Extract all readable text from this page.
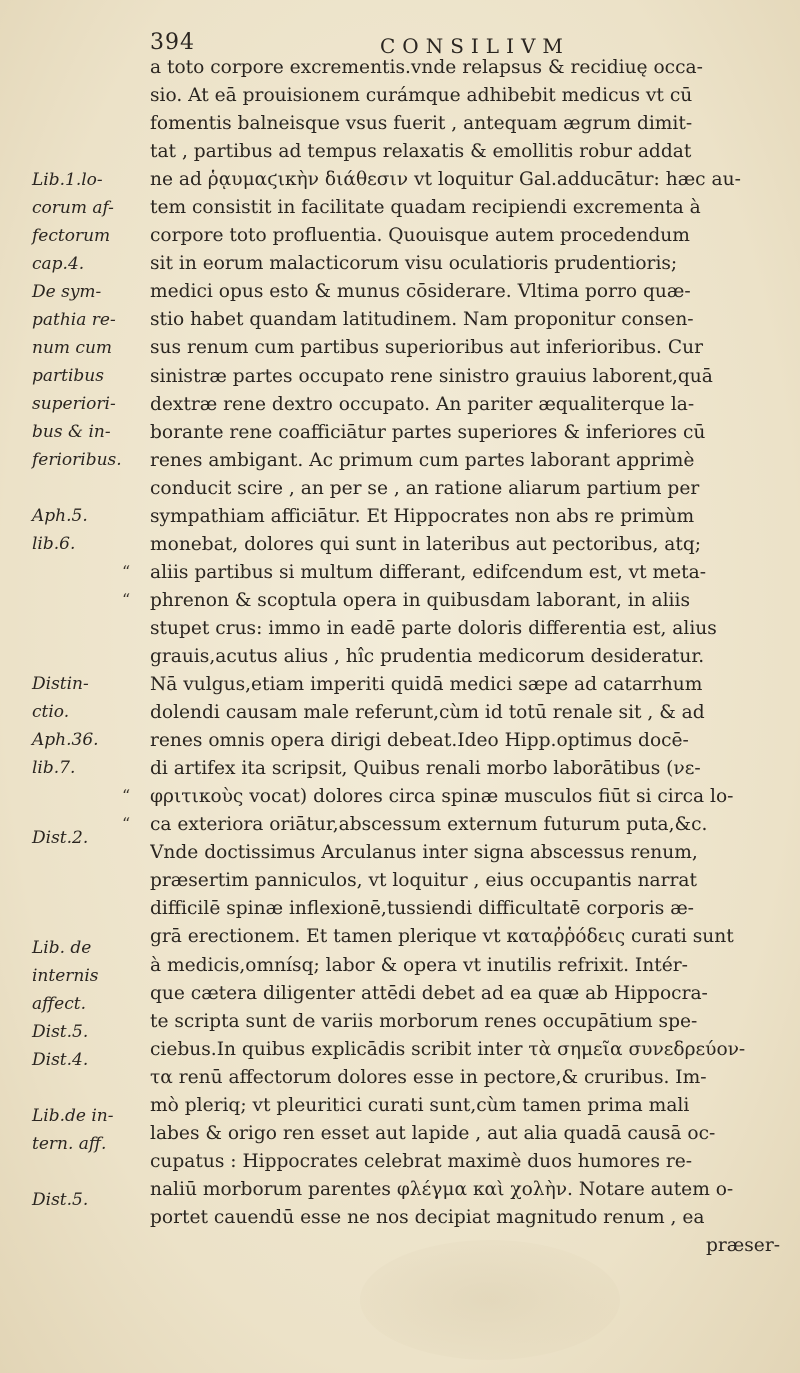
394	CONSILIVM
Lib.1.lo-
corum af-
fectorum
cap.4.
De sym-
pathia re-
num cum
partibus
superiori-
bus & in-
ferioribus.
Aph.5.
lib.6.
Distin-
ctio.
Aph.36.
lib.7.
Dist.2.
Lib. de
internis
affect.
Dist.5.
Dist.4.
Lib.de in-
tern. aff.
Dist.5.
“
“
“
“
a toto corpore excrementis.vnde relapsus & recidiuę occa-
sio. At eā prouisionem curámque adhibebit medicus vt cū
fomentis balneisque vsus fuerit , antequam ægrum dimit-
tat , partibus ad tempus relaxatis & emollitis robur addat
ne ad ῥᾳυμαϛικὴν διάθεσιν vt loquitur Gal.adducātur: hæc au-
tem consistit in facilitate quadam recipiendi excrementa à
corpore toto profluentia. Quouisque autem procedendum
sit in eorum malacticorum visu oculatioris prudentioris;
medici opus esto & munus cōsiderare. Vltima porro quæ-
stio habet quandam latitudinem. Nam proponitur consen-
sus renum cum partibus superioribus aut inferioribus. Cur
sinistræ partes occupato rene sinistro grauius laborent,quā
dextræ rene dextro occupato. An pariter æqualiterque la-
borante rene coafficiātur partes superiores & inferiores cū
renes ambigant. Ac primum cum partes laborant apprimè
conducit scire , an per se , an ratione aliarum partium per
sympathiam afficiātur. Et Hippocrates non abs re primùm
monebat, dolores qui sunt in lateribus aut pectoribus, atq;
aliis partibus si multum differant, edifcendum est, vt meta-
phrenon & scoptula opera in quibusdam laborant, in aliis
stupet crus: immo in eadē parte doloris differentia est, alius
grauis,acutus alius , hîc prudentia medicorum desideratur.
Nā vulgus,etiam imperiti quidā medici sæpe ad catarrhum
dolendi causam male referunt,cùm id totū renale sit , & ad
renes omnis opera dirigi debeat.Ideo Hipp.optimus docē-
di artifex ita scripsit, Quibus renali morbo laborātibus (νε-
φριτικοὺς vocat) dolores circa spinæ musculos fiūt si circa lo-
ca exteriora oriātur,abscessum externum futurum puta,&c.
Vnde doctissimus Arculanus inter signa abscessus renum,
præsertim panniculos, vt loquitur , eius occupantis narrat
difficilē spinæ inflexionē,tussiendi difficultatē corporis æ-
grā erectionem. Et tamen plerique vt καταῤῥόδεις curati sunt
à medicis,omnísq; labor & opera vt inutilis refrixit. Intér-
que cætera diligenter attēdi debet ad ea quæ ab Hippocra-
te scripta sunt de variis morborum renes occupātium spe-
ciebus.In quibus explicādis scribit inter τὰ σημεῖα συνεδρεύον-
τα renū affectorum dolores esse in pectore,& cruribus. Im-
mò pleriq; vt pleuritici curati sunt,cùm tamen prima mali
labes & origo ren esset aut lapide , aut alia quadā causā oc-
cupatus : Hippocrates celebrat maximè duos humores re-
naliū morborum parentes φλέγμα καὶ χολὴν. Notare autem o-
portet cauendū esse ne nos decipiat magnitudo renum , ea
præser-
